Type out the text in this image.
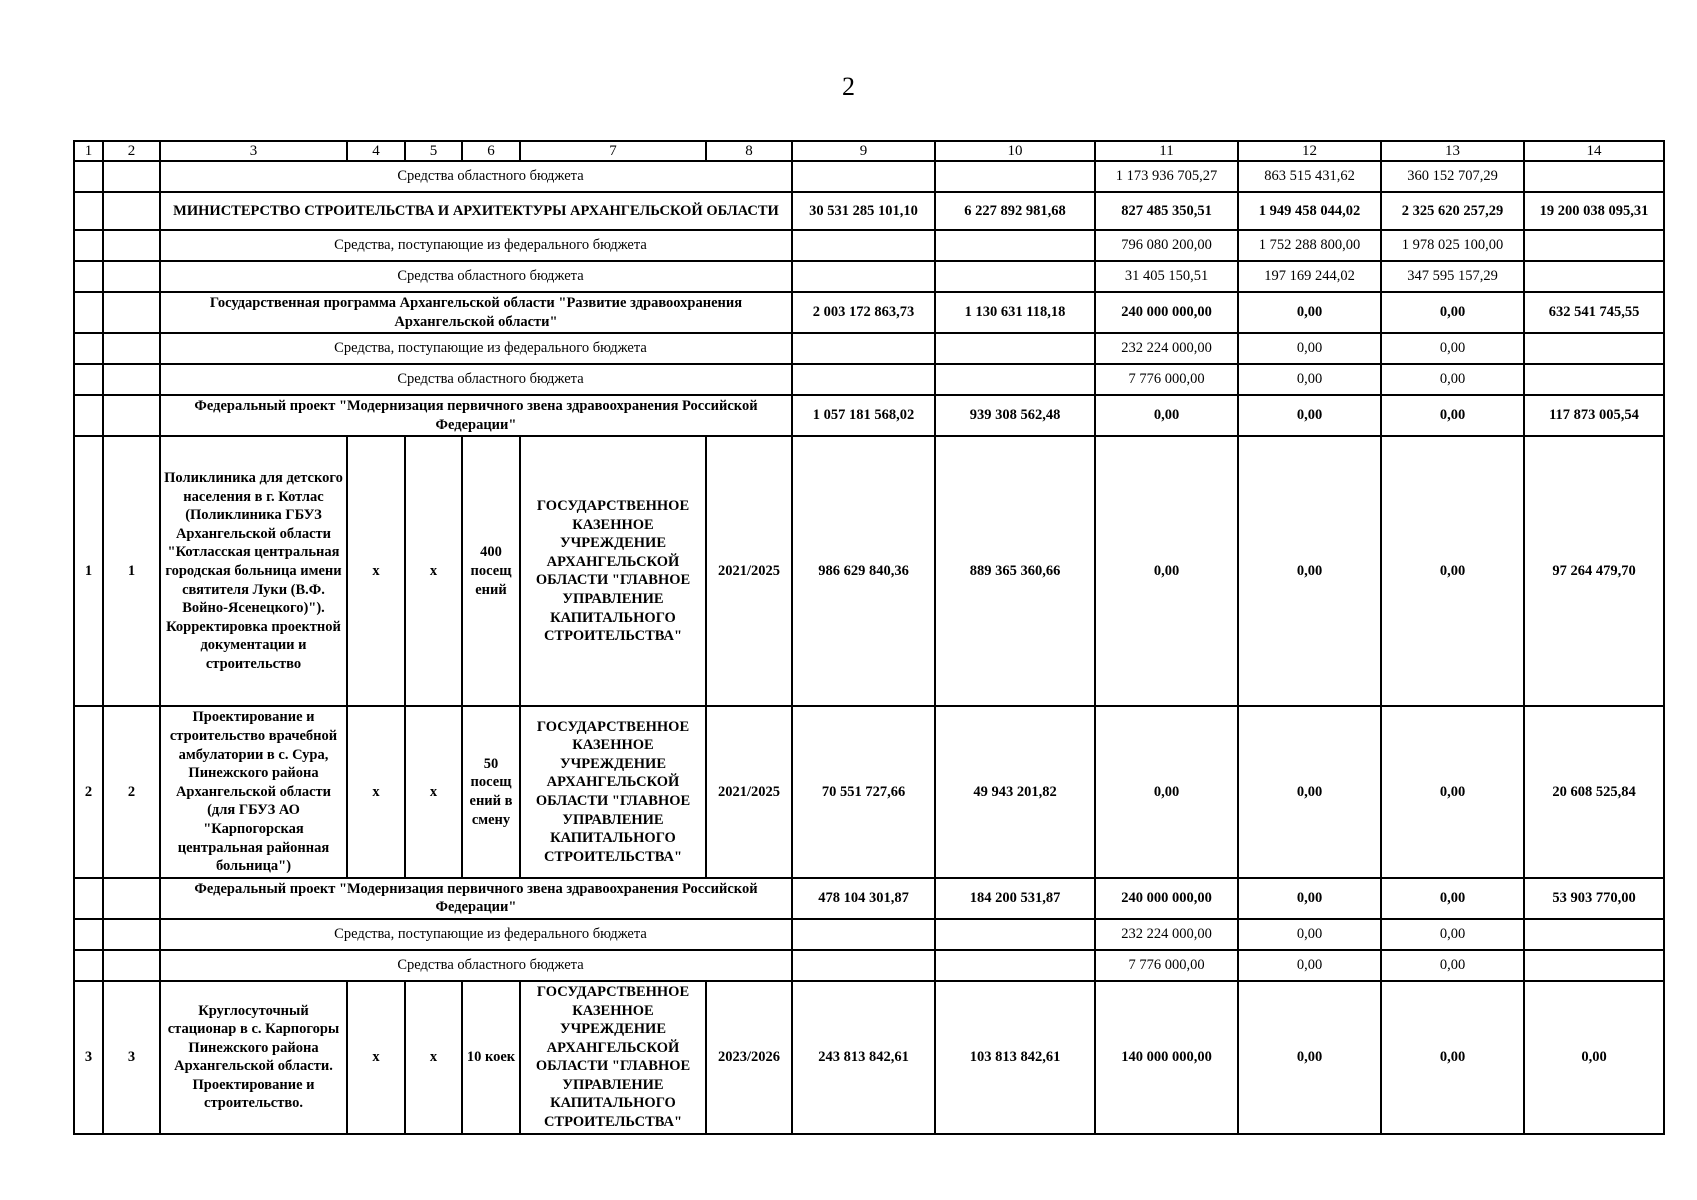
2
1	2	3	4	5	6	7	8	9	10	11	12	13	14
		Средства областного бюджета								1 173 936 705,27	863 515 431,62	360 152 707,29	
		МИНИСТЕРСТВО СТРОИТЕЛЬСТВА И АРХИТЕКТУРЫ АРХАНГЕЛЬСКОЙ ОБЛАСТИ						30 531 285 101,10	6 227 892 981,68	827 485 350,51	1 949 458 044,02	2 325 620 257,29	19 200 038 095,31
		Средства, поступающие из федерального бюджета								796 080 200,00	1 752 288 800,00	1 978 025 100,00	
		Средства областного бюджета								31 405 150,51	197 169 244,02	347 595 157,29	
		Государственная программа Архангельской области "Развитие здравоохранения Архангельской области"						2 003 172 863,73	1 130 631 118,18	240 000 000,00	0,00	0,00	632 541 745,55
		Средства, поступающие из федерального бюджета								232 224 000,00	0,00	0,00	
		Средства областного бюджета								7 776 000,00	0,00	0,00	
		Федеральный проект "Модернизация первичного звена здравоохранения Российской Федерации"						1 057 181 568,02	939 308 562,48	0,00	0,00	0,00	117 873 005,54
1	1	Поликлиника для детского населения в г. Котлас (Поликлиника ГБУЗ Архангельской области "Котласская центральная городская больница имени святителя Луки (В.Ф. Войно-Ясенецкого)"). Корректировка проектной документации и строительство	х	х	400 посещ ений	ГОСУДАРСТВЕННОЕ КАЗЕННОЕ УЧРЕЖДЕНИЕ АРХАНГЕЛЬСКОЙ ОБЛАСТИ "ГЛАВНОЕ УПРАВЛЕНИЕ КАПИТАЛЬНОГО СТРОИТЕЛЬСТВА"	2021/2025	986 629 840,36	889 365 360,66	0,00	0,00	0,00	97 264 479,70
2	2	Проектирование и строительство врачебной амбулатории в с. Сура, Пинежского района Архангельской области (для ГБУЗ АО "Карпогорская центральная районная больница")	х	х	50 посещ ений в смену	ГОСУДАРСТВЕННОЕ КАЗЕННОЕ УЧРЕЖДЕНИЕ АРХАНГЕЛЬСКОЙ ОБЛАСТИ "ГЛАВНОЕ УПРАВЛЕНИЕ КАПИТАЛЬНОГО СТРОИТЕЛЬСТВА"	2021/2025	70 551 727,66	49 943 201,82	0,00	0,00	0,00	20 608 525,84
		Федеральный проект "Модернизация первичного звена здравоохранения Российской Федерации"						478 104 301,87	184 200 531,87	240 000 000,00	0,00	0,00	53 903 770,00
		Средства, поступающие из федерального бюджета								232 224 000,00	0,00	0,00	
		Средства областного бюджета								7 776 000,00	0,00	0,00	
3	3	Круглосуточный стационар в с. Карпогоры Пинежского района Архангельской области. Проектирование и строительство.	х	х	10 коек	ГОСУДАРСТВЕННОЕ КАЗЕННОЕ УЧРЕЖДЕНИЕ АРХАНГЕЛЬСКОЙ ОБЛАСТИ "ГЛАВНОЕ УПРАВЛЕНИЕ КАПИТАЛЬНОГО СТРОИТЕЛЬСТВА"	2023/2026	243 813 842,61	103 813 842,61	140 000 000,00	0,00	0,00	0,00
